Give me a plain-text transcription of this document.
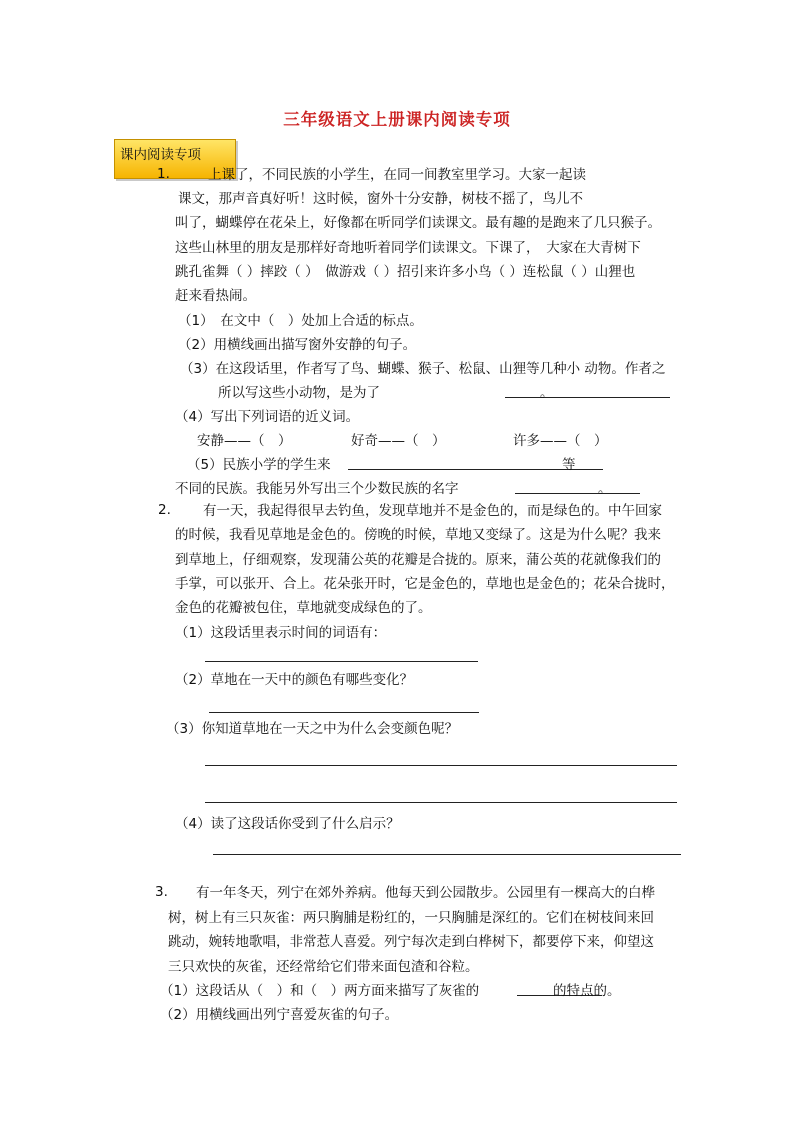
三年级语文上册课内阅读专项
课内阅读专项
1.	上课了，不同民族的小学生，在同一间教室里学习。大家一起读
课文，那声音真好听！这时候，窗外十分安静，树枝不摇了，鸟儿不
叫了，蝴蝶停在花朵上，好像都在听同学们读课文。最有趣的是跑来了几只猴子。
这些山林里的朋友是那样好奇地听着同学们读课文。下课了，　大家在大青树下
跳孔雀舞（ ）摔跤（ ）　做游戏（ ）招引来许多小鸟（ ）连松鼠（ ）山狸也
赶来看热闹。
（1）　在文中（　）处加上合适的标点。
（2）用横线画出描写窗外安静的句子。
（3）在这段话里，作者写了鸟、蝴蝶、猴子、松鼠、山狸等几种小 动物。作者之
所以写这些小动物，是为了	。
（4）写出下列词语的近义词。
安静——（　）	好奇——（　）	许多——（　）
（5）民族小学的学生来	等
不同的民族。我能另外写出三个少数民族的名字	。
2. 有一天，我起得很早去钓鱼，发现草地并不是金色的，而是绿色的。中午回家
的时候，我看见草地是金色的。傍晚的时候，草地又变绿了。这是为什么呢？我来
到草地上，仔细观察，发现蒲公英的花瓣是合拢的。原来，蒲公英的花就像我们的
手掌，可以张开、合上。花朵张开时，它是金色的，草地也是金色的；花朵合拢时，
金色的花瓣被包住，草地就变成绿色的了。
（1）这段话里表示时间的词语有：
（2）草地在一天中的颜色有哪些变化？
（3）你知道草地在一天之中为什么会变颜色呢？
（4）读了这段话你受到了什么启示？
3. 有一年冬天，列宁在郊外养病。他每天到公园散步。公园里有一棵高大的白桦
树，树上有三只灰雀：两只胸脯是粉红的，一只胸脯是深红的。它们在树枝间来回
跳动，婉转地歌唱，非常惹人喜爱。列宁每次走到白桦树下，都要停下来，仰望这
三只欢快的灰雀，还经常给它们带来面包渣和谷粒。
（1）这段话从（　）和（　）两方面来描写了灰雀的	的特点的。
（2）用横线画出列宁喜爱灰雀的句子。
